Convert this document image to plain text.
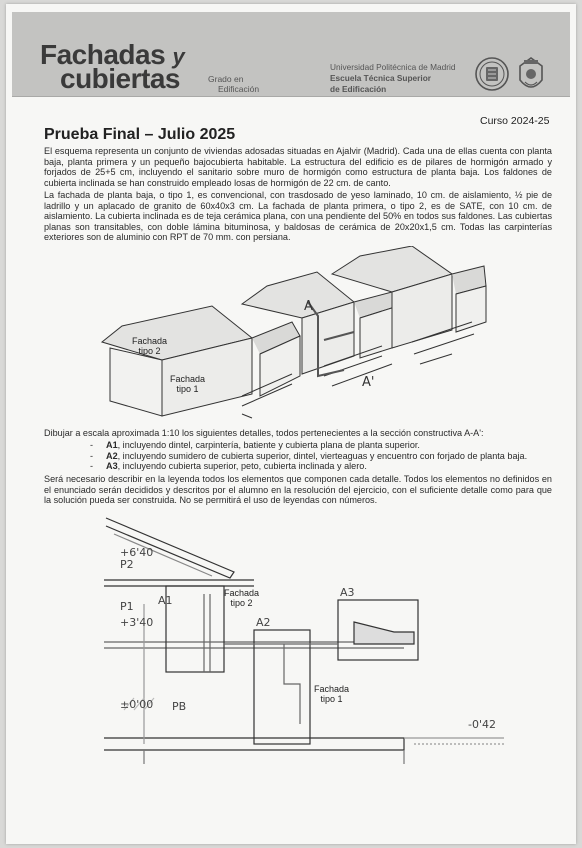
Fachadas y
cubiertas	Grado en
Edificación
Universidad Politécnica de Madrid
Escuela Técnica Superior
de Edificación
Curso 2024-25
Prueba Final – Julio 2025

El esquema representa un conjunto de viviendas adosadas situadas en Ajalvir (Madrid). Cada una de ellas cuenta con planta baja, planta primera y un pequeño bajocubierta habitable. La estructura del edificio es de pilares de hormigón armado y forjados de 25+5 cm, incluyendo el sanitario sobre muro de hormigón como estructura de planta baja. Los faldones de cubierta inclinada se han construido empleado losas de hormigón de 22 cm. de canto.

La fachada de planta baja, o tipo 1, es convencional, con trasdosado de yeso laminado, 10 cm. de aislamiento, ½ pie de ladrillo y un aplacado de granito de 60x40x3 cm. La fachada de planta primera, o tipo 2, es de SATE, con 10 cm. de aislamiento. La cubierta inclinada es de teja cerámica plana, con una pendiente del 50% en todos sus faldones. Las cubiertas planas son transitables, con doble lámina bituminosa, y baldosas de cerámica de 20x20x1,5 cm. Todas las carpinterías exteriores son de aluminio con RPT de 70 mm. con persiana.

A
A'
Fachada
tipo 2
Fachada
tipo 1

Dibujar a escala aproximada 1:10 los siguientes detalles, todos pertenecientes a la sección constructiva A-A':

- A1, incluyendo dintel, carpintería, batiente y cubierta plana de planta superior.
- A2, incluyendo sumidero de cubierta superior, dintel, vierteaguas y encuentro con forjado de planta baja.
- A3, incluyendo cubierta superior, peto, cubierta inclinada y alero.

Será necesario describir en la leyenda todos los elementos que componen cada detalle. Todos los elementos no definidos en el enunciado serán decididos y descritos por el alumno en la resolución del ejercicio, con el suficiente detalle como para que la solución pueda ser construida. No se permitirá el uso de leyendas con números.

A1
A2
A3
+6'40
+3'40
±0'00
-0'42
P2
P1
PB
Fachada
tipo 2
Fachada
tipo 1
